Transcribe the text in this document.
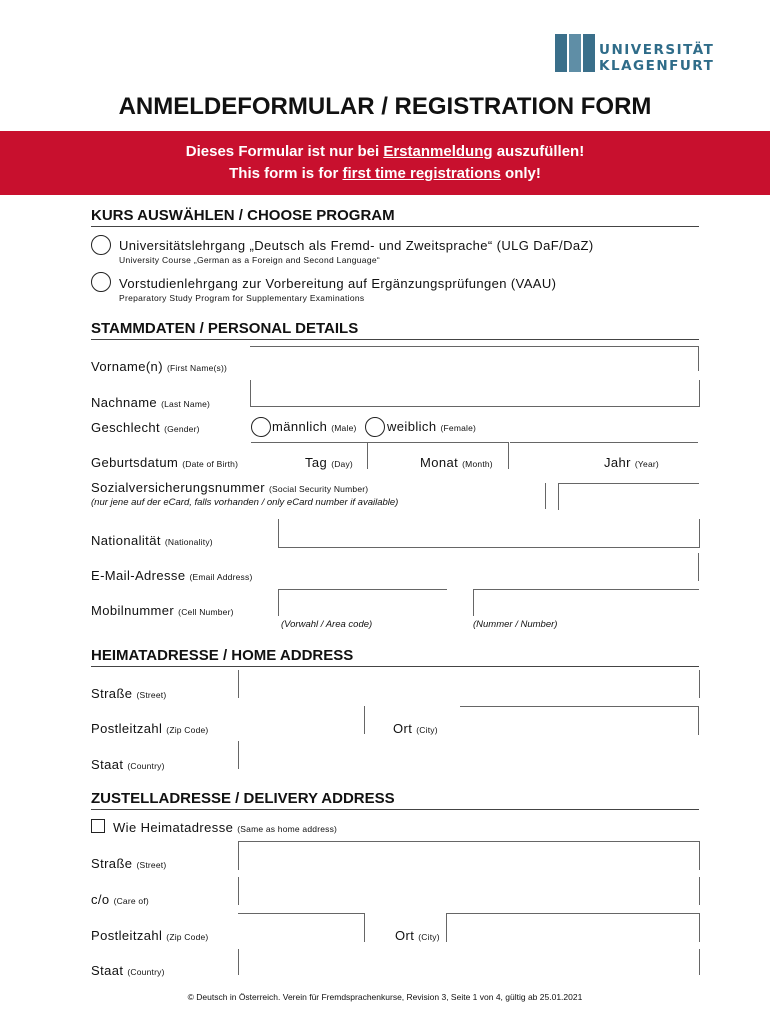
UNIVERSITÄT
KLAGENFURT
ANMELDEFORMULAR / REGISTRATION FORM
Dieses Formular ist nur bei Erstanmeldung auszufüllen!
This form is for first time registrations only!
KURS AUSWÄHLEN / CHOOSE PROGRAM
Universitätslehrgang „Deutsch als Fremd- und Zweitsprache“ (ULG DaF/DaZ)
University Course „German as a Foreign and Second Language“
Vorstudienlehrgang zur Vorbereitung auf Ergänzungsprüfungen (VAAU)
Preparatory Study Program for Supplementary Examinations
STAMMDATEN / PERSONAL DETAILS
Vorname(n) (First Name(s))
Nachname (Last Name)
Geschlecht (Gender)	männlich (Male) weiblich (Female)
Geburtsdatum (Date of Birth)	Tag (Day)	Monat (Month)	Jahr (Year)
Sozialversicherungsnummer (Social Security Number)
(nur jene auf der eCard, falls vorhanden / only eCard number if available)
Nationalität (Nationality)
E-Mail-Adresse (Email Address)
Mobilnummer (Cell Number)
(Vorwahl / Area code)	(Nummer / Number)
HEIMATADRESSE / HOME ADDRESS
Straße (Street)
Postleitzahl (Zip Code)	Ort (City)
Staat (Country)
ZUSTELLADRESSE / DELIVERY ADDRESS
Wie Heimatadresse (Same as home address)
Straße (Street)
c/o (Care of)
Postleitzahl (Zip Code)	Ort (City)
Staat (Country)
© Deutsch in Österreich. Verein für Fremdsprachenkurse, Revision 3, Seite 1 von 4, gültig ab 25.01.2021
